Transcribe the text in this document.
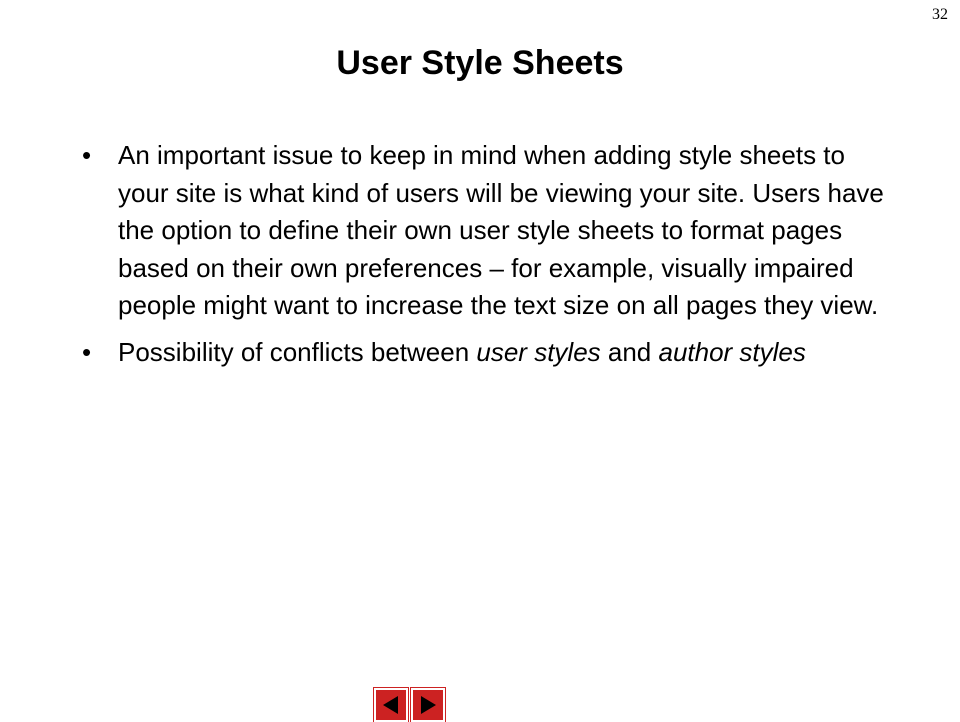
32
User Style Sheets
• An important issue to keep in mind when adding style sheets to your site is what kind of users will be viewing your site. Users have the option to define their own user style sheets to format pages based on their own preferences – for example, visually impaired people might want to increase the text size on all pages they view.
• Possibility of conflicts between user styles and author styles
